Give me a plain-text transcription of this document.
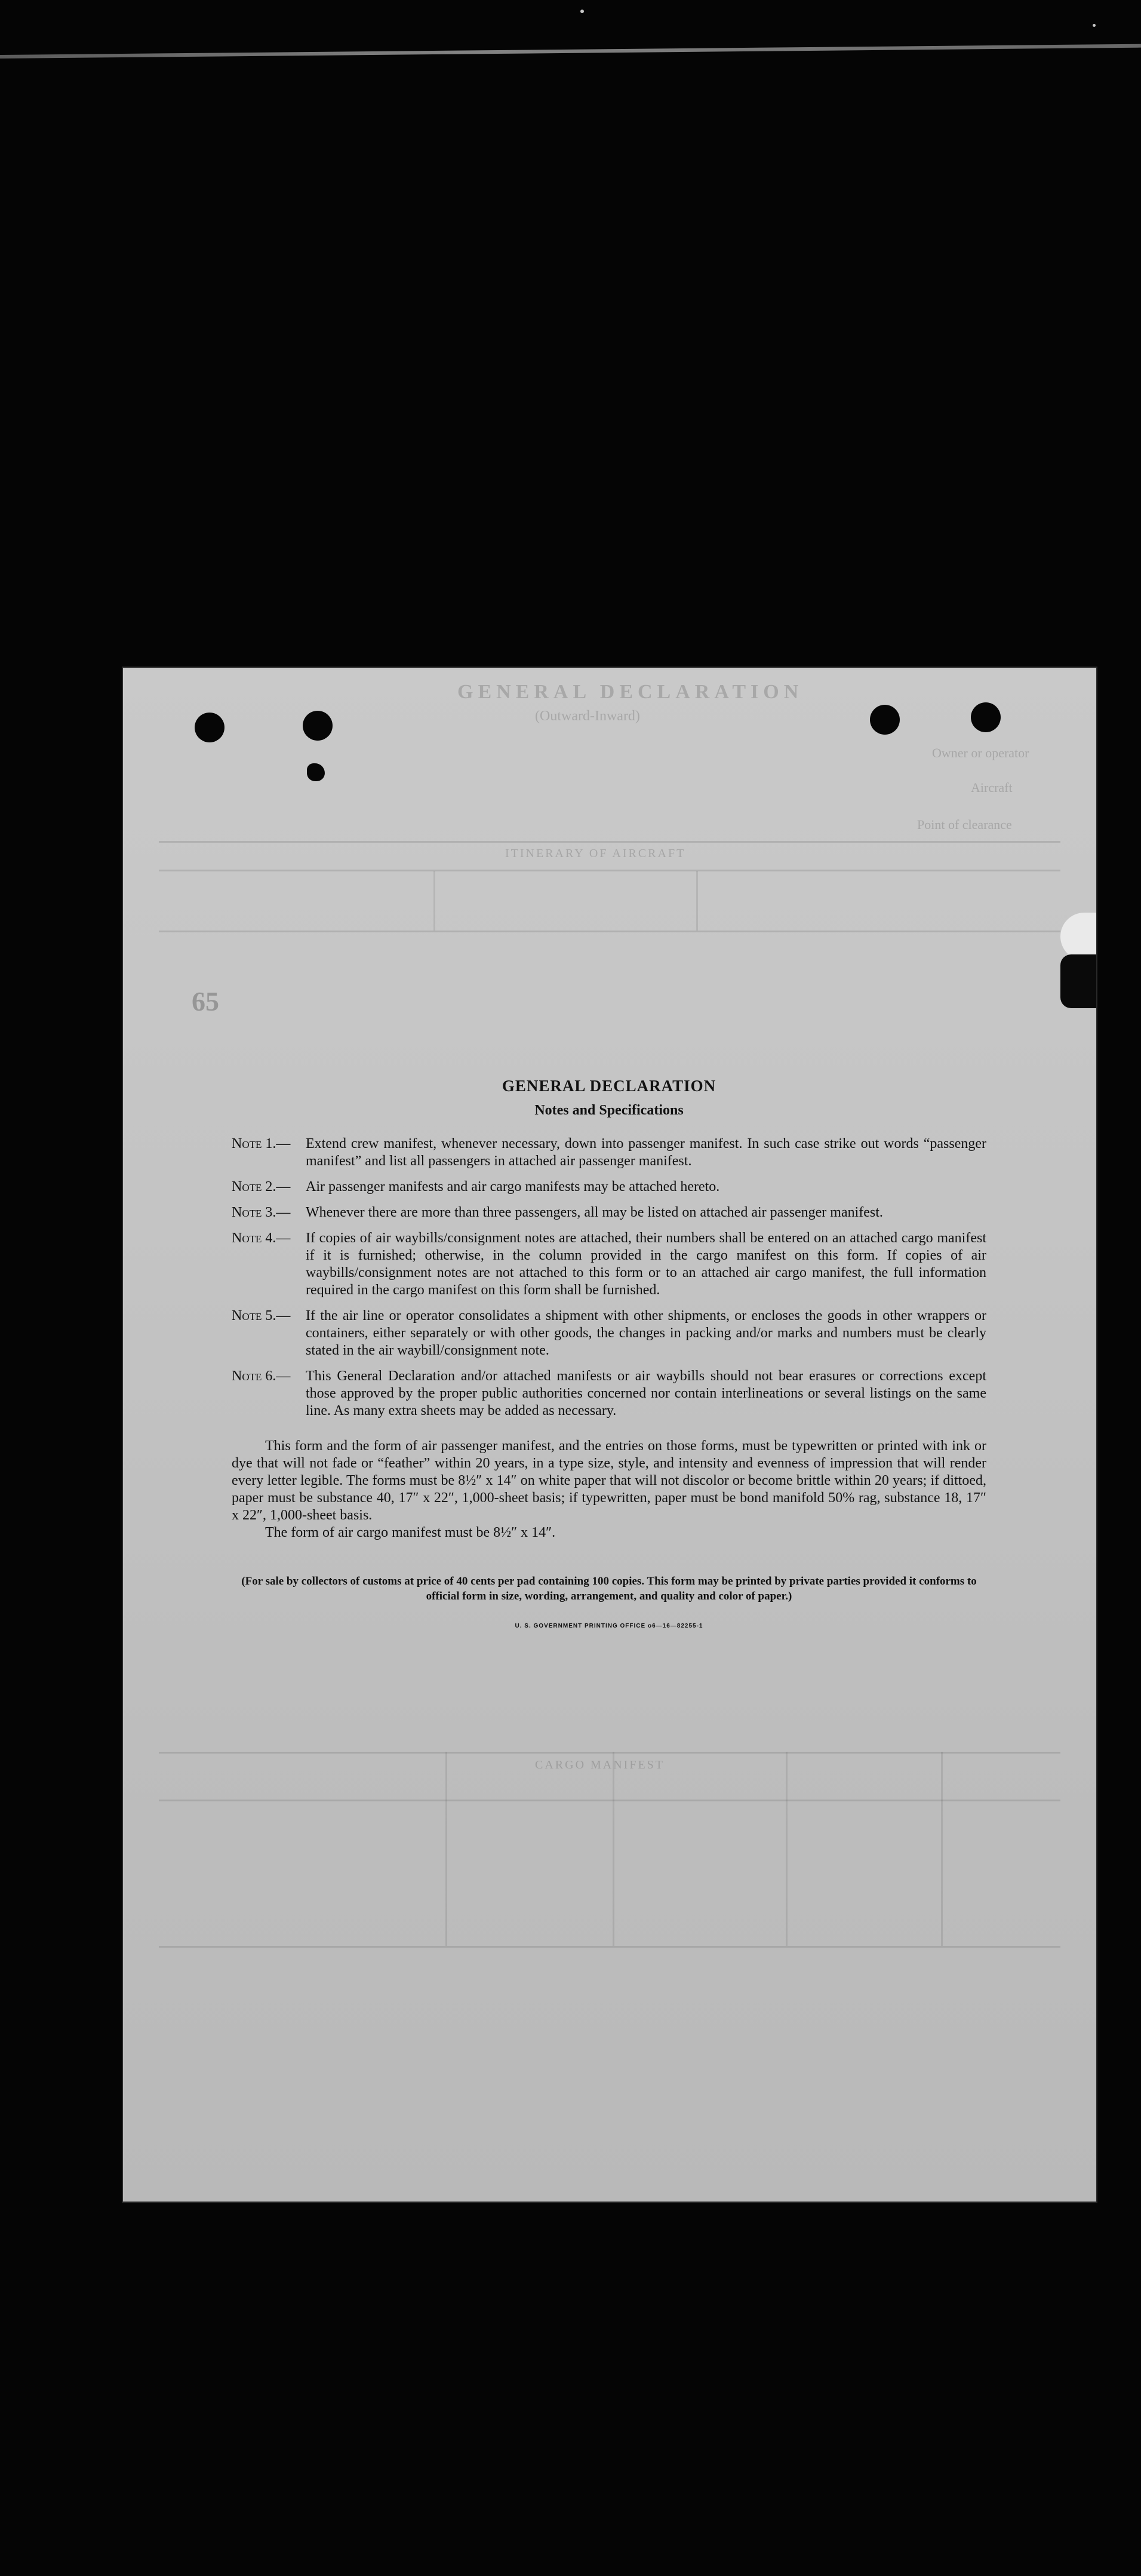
GENERAL DECLARATION
(Outward-Inward)
Owner or operator
Aircraft
Point of clearance
ITINERARY OF AIRCRAFT
65
CARGO MANIFEST
GENERAL DECLARATION
Notes and Specifications
Note 1.—	Extend crew manifest, whenever necessary, down into passenger manifest. In such case strike out words “passenger manifest” and list all passengers in attached air passenger manifest.
Note 2.—	Air passenger manifests and air cargo manifests may be attached hereto.
Note 3.—	Whenever there are more than three passengers, all may be listed on attached air passenger manifest.
Note 4.—	If copies of air waybills/consignment notes are attached, their numbers shall be entered on an attached cargo manifest if it is furnished; otherwise, in the column provided in the cargo manifest on this form. If copies of air waybills/consignment notes are not attached to this form or to an attached air cargo manifest, the full information required in the cargo manifest on this form shall be furnished.
Note 5.—	If the air line or operator consolidates a shipment with other shipments, or encloses the goods in other wrappers or containers, either separately or with other goods, the changes in packing and/or marks and numbers must be clearly stated in the air waybill/consignment note.
Note 6.—	This General Declaration and/or attached manifests or air waybills should not bear erasures or corrections except those approved by the proper public authorities concerned nor contain interlineations or several listings on the same line. As many extra sheets may be added as necessary.

This form and the form of air passenger manifest, and the entries on those forms, must be typewritten or printed with ink or dye that will not fade or “feather” within 20 years, in a type size, style, and intensity and evenness of impression that will render every letter legible. The forms must be 8½″ x 14″ on white paper that will not discolor or become brittle within 20 years; if dittoed, paper must be substance 40, 17″ x 22″, 1,000-sheet basis; if typewritten, paper must be bond manifold 50% rag, substance 18, 17″ x 22″, 1,000-sheet basis.

The form of air cargo manifest must be 8½″ x 14″.

(For sale by collectors of customs at price of 40 cents per pad containing 100 copies. This form may be printed by private parties provided it conforms to official form in size, wording, arrangement, and quality and color of paper.)

U. S. GOVERNMENT PRINTING OFFICE o6—16—82255-1
